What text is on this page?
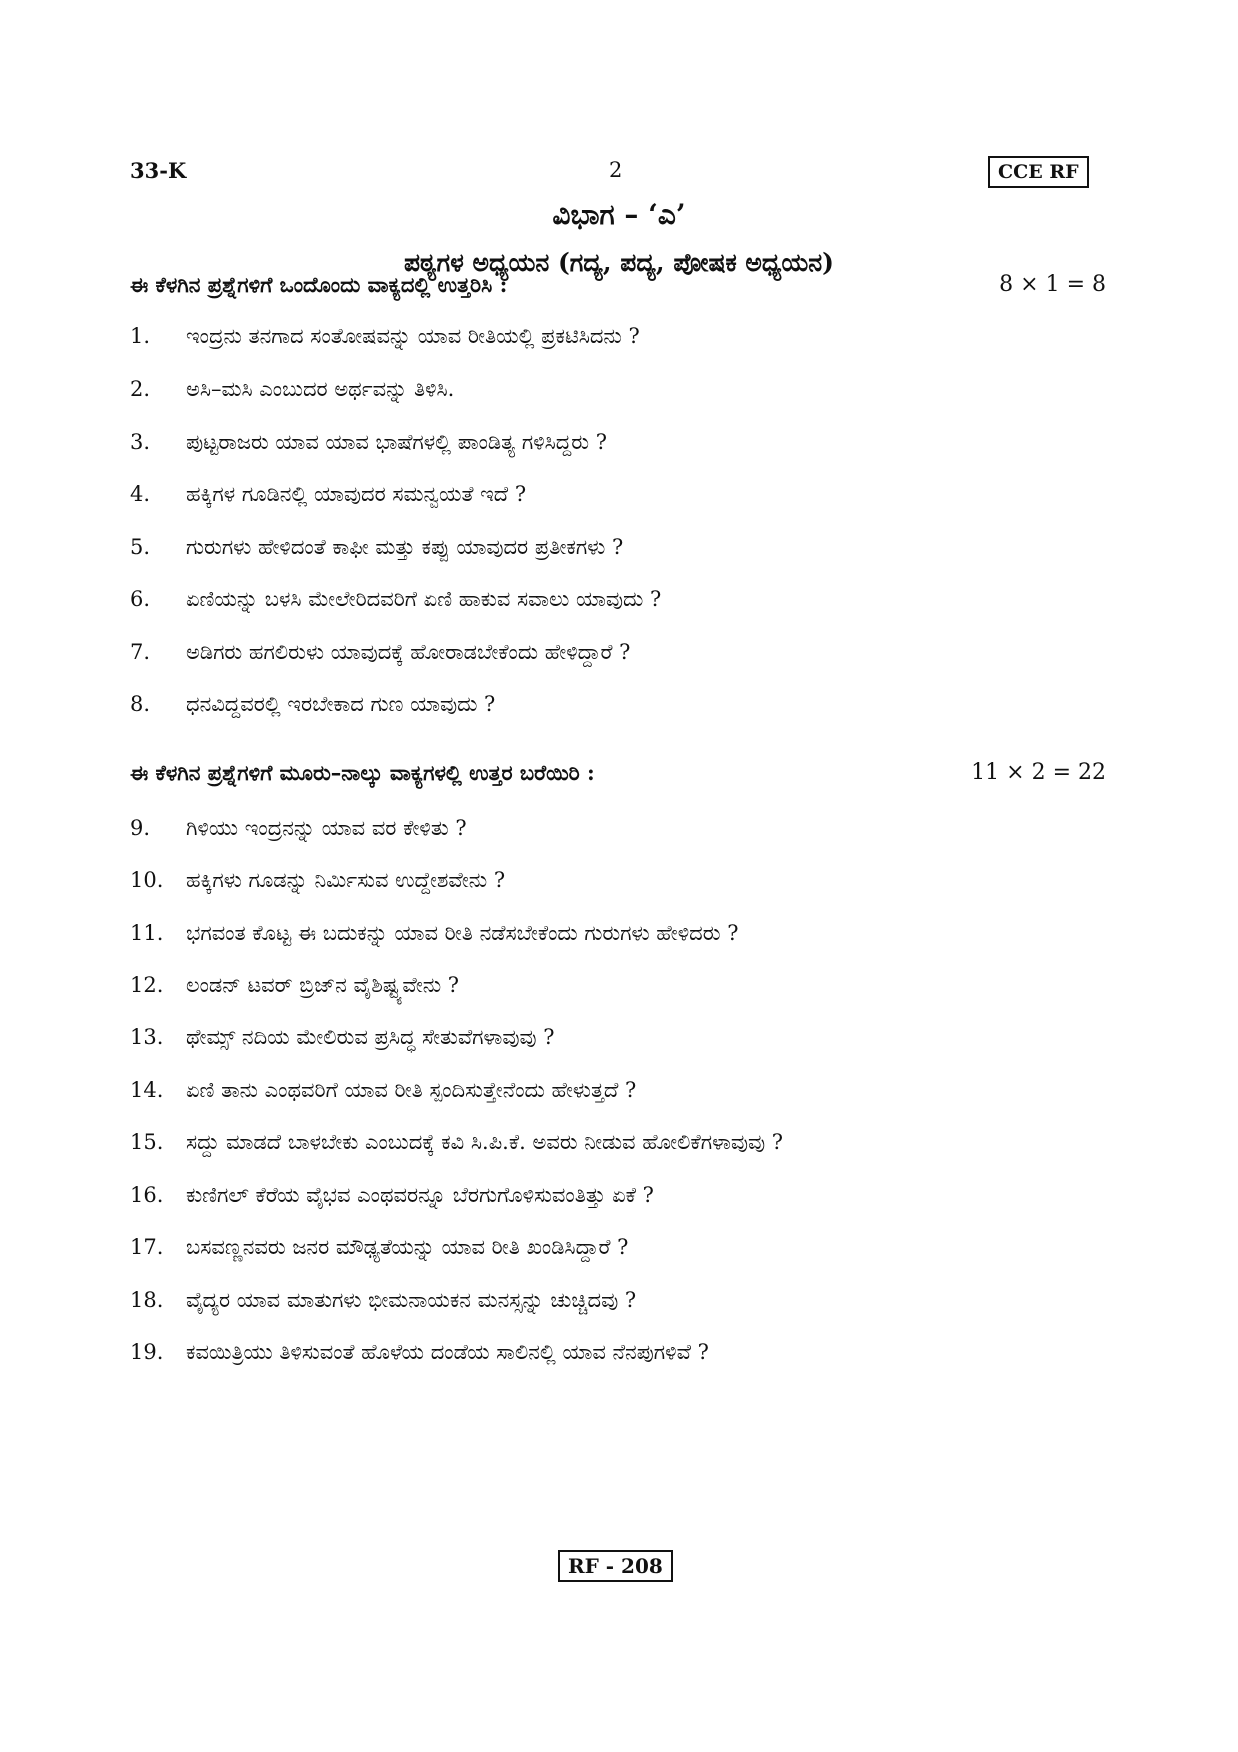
33-K	2	CCE RF
ವಿಭಾಗ – ‘ಎ’
ಪಠ್ಯಗಳ ಅಧ್ಯಯನ (ಗದ್ಯ, ಪದ್ಯ, ಪೋಷಕ ಅಧ್ಯಯನ)
ಈ ಕೆಳಗಿನ ಪ್ರಶ್ನೆಗಳಿಗೆ ಒಂದೊಂದು ವಾಕ್ಯದಲ್ಲಿ ಉತ್ತರಿಸಿ :	8 × 1 = 8
1. ಇಂದ್ರನು ತನಗಾದ ಸಂತೋಷವನ್ನು ಯಾವ ರೀತಿಯಲ್ಲಿ ಪ್ರಕಟಿಸಿದನು ?
2. ಅಸಿ–ಮಸಿ ಎಂಬುದರ ಅರ್ಥವನ್ನು ತಿಳಿಸಿ.
3. ಪುಟ್ಟರಾಜರು ಯಾವ ಯಾವ ಭಾಷೆಗಳಲ್ಲಿ ಪಾಂಡಿತ್ಯ ಗಳಿಸಿದ್ದರು ?
4. ಹಕ್ಕಿಗಳ ಗೂಡಿನಲ್ಲಿ ಯಾವುದರ ಸಮನ್ವಯತೆ ಇದೆ ?
5. ಗುರುಗಳು ಹೇಳಿದಂತೆ ಕಾಫೀ ಮತ್ತು ಕಪ್ಪು ಯಾವುದರ ಪ್ರತೀಕಗಳು ?
6. ಏಣಿಯನ್ನು ಬಳಸಿ ಮೇಲೇರಿದವರಿಗೆ ಏಣಿ ಹಾಕುವ ಸವಾಲು ಯಾವುದು ?
7. ಅಡಿಗರು ಹಗಲಿರುಳು ಯಾವುದಕ್ಕೆ ಹೋರಾಡಬೇಕೆಂದು ಹೇಳಿದ್ದಾರೆ ?
8. ಧನವಿದ್ದವರಲ್ಲಿ ಇರಬೇಕಾದ ಗುಣ ಯಾವುದು ?
ಈ ಕೆಳಗಿನ ಪ್ರಶ್ನೆಗಳಿಗೆ ಮೂರು–ನಾಲ್ಕು ವಾಕ್ಯಗಳಲ್ಲಿ ಉತ್ತರ ಬರೆಯಿರಿ :	11 × 2 = 22
9. ಗಿಳಿಯು ಇಂದ್ರನನ್ನು ಯಾವ ವರ ಕೇಳಿತು ?
10. ಹಕ್ಕಿಗಳು ಗೂಡನ್ನು ನಿರ್ಮಿಸುವ ಉದ್ದೇಶವೇನು ?
11. ಭಗವಂತ ಕೊಟ್ಟ ಈ ಬದುಕನ್ನು ಯಾವ ರೀತಿ ನಡೆಸಬೇಕೆಂದು ಗುರುಗಳು ಹೇಳಿದರು ?
12. ಲಂಡನ್ ಟವರ್ ಬ್ರಿಜ್‌ನ ವೈಶಿಷ್ಟ್ಯವೇನು ?
13. ಥೇಮ್ಸ್ ನದಿಯ ಮೇಲಿರುವ ಪ್ರಸಿದ್ಧ ಸೇತುವೆಗಳಾವುವು ?
14. ಏಣಿ ತಾನು ಎಂಥವರಿಗೆ ಯಾವ ರೀತಿ ಸ್ಪಂದಿಸುತ್ತೇನೆಂದು ಹೇಳುತ್ತದೆ ?
15. ಸದ್ದು ಮಾಡದೆ ಬಾಳಬೇಕು ಎಂಬುದಕ್ಕೆ ಕವಿ ಸಿ.ಪಿ.ಕೆ. ಅವರು ನೀಡುವ ಹೋಲಿಕೆಗಳಾವುವು ?
16. ಕುಣಿಗಲ್ ಕೆರೆಯ ವೈಭವ ಎಂಥವರನ್ನೂ ಬೆರಗುಗೊಳಿಸುವಂತಿತ್ತು ಏಕೆ ?
17. ಬಸವಣ್ಣನವರು ಜನರ ಮೌಢ್ಯತೆಯನ್ನು ಯಾವ ರೀತಿ ಖಂಡಿಸಿದ್ದಾರೆ ?
18. ವೈದ್ಯರ ಯಾವ ಮಾತುಗಳು ಭೀಮನಾಯಕನ ಮನಸ್ಸನ್ನು ಚುಚ್ಚಿದವು ?
19. ಕವಯಿತ್ರಿಯು ತಿಳಿಸುವಂತೆ ಹೊಳೆಯ ದಂಡೆಯ ಸಾಲಿನಲ್ಲಿ ಯಾವ ನೆನಪುಗಳಿವೆ ?
RF - 208
